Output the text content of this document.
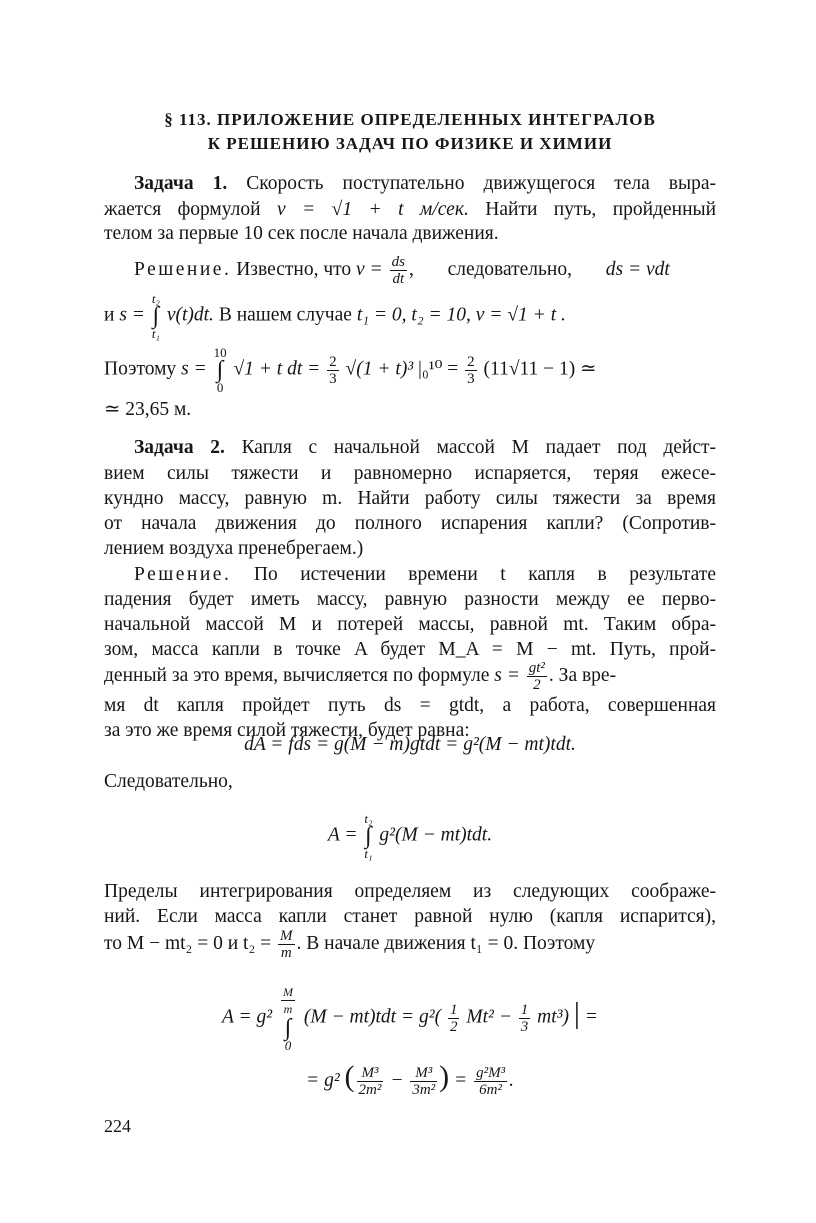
§ 113. ПРИЛОЖЕНИЕ ОПРЕДЕЛЕННЫХ ИНТЕГРАЛОВ
К РЕШЕНИЮ ЗАДАЧ ПО ФИЗИКЕ И ХИМИИ
Задача 1. Скорость поступательно движущегося тела выра-
жается формулой v = √1 + t м/сек. Найти путь, пройденный
телом за первые 10 сек после начала движения.
Решение. Известно, что $v = \frac{ds}{dt}$ ,  следовательно, ds = vdt
и s = t₂
∫
t₁ v(t)dt. В нашем случае t₁ = 0, t₂ = 10, v = √1 + t .
Поэтому s = 10
∫
0 √1 + t dt = $\frac{2}{3} √(1 + t)^3$ $|_0^{10} = \frac{2}{3} (11√11 - 1)$ ≃
≃ 23,65 м.
Задача 2. Капля с начальной массой M падает под дейст-
вием силы тяжести и равномерно испаряется, теряя ежесе-
кундно массу, равную m. Найти работу силы тяжести за время
от начала движения до полного испарения капли? (Сопротив-
лением воздуха пренебрегаем.)
Решение. По истечении времени t капля в результате
падения будет иметь массу, равную разности между ее перво-
начальной массой M и потерей массы, равной mt. Таким обра-
зом, масса капли в точке A будет M_A = M − mt. Путь, прой-
денный за это время, вычисляется по формуле $s = \frac{\text{gt²}}{2}$ . За вре-
мя dt капля пройдет путь ds = gtdt, а работа, совершенная
за это же время силой тяжести, будет равна:
dA = fds = g(M − m)gtdt = g²(M − mt)tdt.
Следовательно,
A = t₂
∫
t₁ g²(M − mt)tdt.
Пределы интегрирования определяем из следующих соображе-
ний. Если масса капли станет равной нулю (капля испарится),
то M − mt₂ = 0 и $t_2 = \frac{M}{m}$ . В начале движения t₁ = 0. Поэтому
$A = g^2 \frac{M}{m}$
∫
0 $(M - mt)tdt = g^2( \frac{1}{2} Mt^2 - \frac{1}{3} mt^3)$ | =
= g² ( $\frac{\text{M³}}{\text{2m²}} - \frac{\text{M³}}{\text{3m²}}$ ) = $\frac{\text{g²M³}}{\text{6m²}}$ .
224
